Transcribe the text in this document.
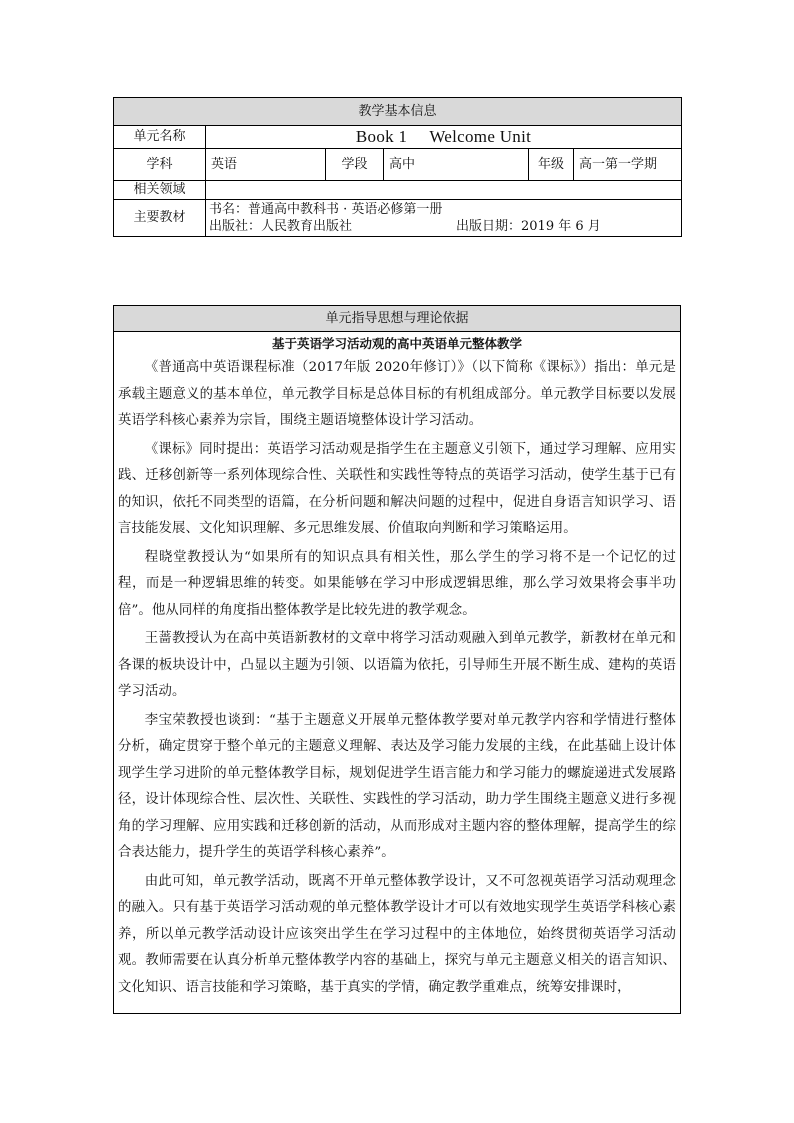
教学基本信息					
单元名称	Book 1 Welcome Unit				
学科	英语	学段	高中	年级	高一第一学期
相关领域					
主要教材	书名：普通高中教科书 · 英语必修第一册
出版社：人民教育出版社 出版日期：2019 年 6 月				
单元指导思想与理论依据

基于英语学习活动观的高中英语单元整体教学

《普通高中英语课程标准（2017年版 2020年修订）》（以下简称《课标》）指出：单元是承载主题意义的基本单位，单元教学目标是总体目标的有机组成部分。单元教学目标要以发展英语学科核心素养为宗旨，围绕主题语境整体设计学习活动。

《课标》同时提出：英语学习活动观是指学生在主题意义引领下，通过学习理解、应用实践、迁移创新等一系列体现综合性、关联性和实践性等特点的英语学习活动，使学生基于已有的知识，依托不同类型的语篇，在分析问题和解决问题的过程中，促进自身语言知识学习、语言技能发展、文化知识理解、多元思维发展、价值取向判断和学习策略运用。

程晓堂教授认为“如果所有的知识点具有相关性，那么学生的学习将不是一个记忆的过程，而是一种逻辑思维的转变。如果能够在学习中形成逻辑思维，那么学习效果将会事半功倍”。他从同样的角度指出整体教学是比较先进的教学观念。

王蔷教授认为在高中英语新教材的文章中将学习活动观融入到单元教学，新教材在单元和各课的板块设计中，凸显以主题为引领、以语篇为依托，引导师生开展不断生成、建构的英语学习活动。

李宝荣教授也谈到：“基于主题意义开展单元整体教学要对单元教学内容和学情进行整体分析，确定贯穿于整个单元的主题意义理解、表达及学习能力发展的主线，在此基础上设计体现学生学习进阶的单元整体教学目标，规划促进学生语言能力和学习能力的螺旋递进式发展路径，设计体现综合性、层次性、关联性、实践性的学习活动，助力学生围绕主题意义进行多视角的学习理解、应用实践和迁移创新的活动，从而形成对主题内容的整体理解，提高学生的综合表达能力，提升学生的英语学科核心素养”。

由此可知，单元教学活动，既离不开单元整体教学设计，又不可忽视英语学习活动观理念的融入。只有基于英语学习活动观的单元整体教学设计才可以有效地实现学生英语学科核心素养，所以单元教学活动设计应该突出学生在学习过程中的主体地位，始终贯彻英语学习活动观。教师需要在认真分析单元整体教学内容的基础上，探究与单元主题意义相关的语言知识、文化知识、语言技能和学习策略，基于真实的学情，确定教学重难点，统筹安排课时，
